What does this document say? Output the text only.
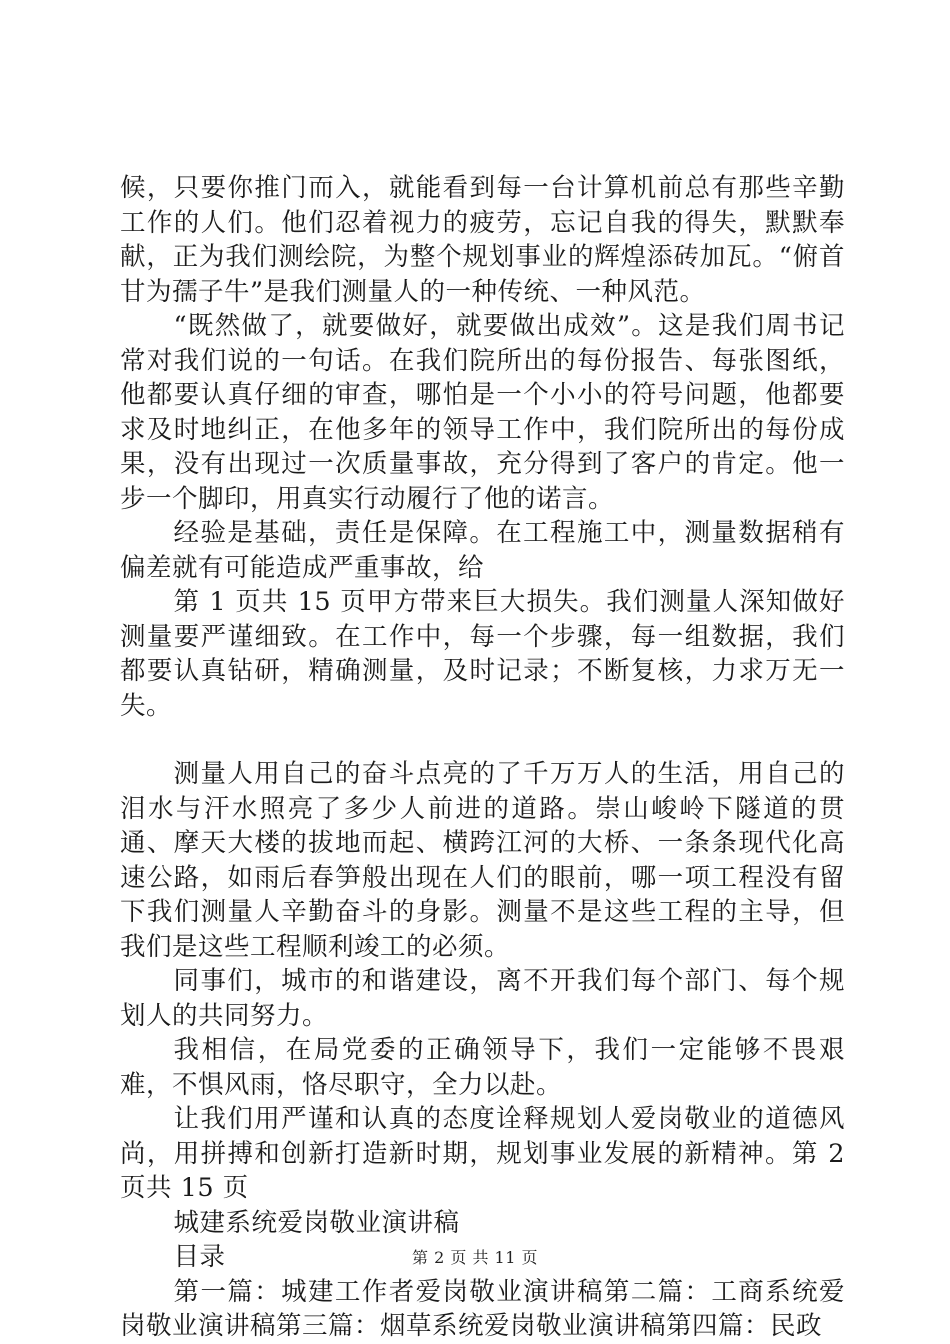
候，只要你推门而入，就能看到每一台计算机前总有那些辛勤工作的人们。他们忍着视力的疲劳，忘记自我的得失，默默奉献，正为我们测绘院，为整个规划事业的辉煌添砖加瓦。“俯首甘为孺子牛”是我们测量人的一种传统、一种风范。

“既然做了，就要做好，就要做出成效”。这是我们周书记常对我们说的一句话。在我们院所出的每份报告、每张图纸，他都要认真仔细的审查，哪怕是一个小小的符号问题，他都要求及时地纠正，在他多年的领导工作中，我们院所出的每份成果，没有出现过一次质量事故，充分得到了客户的肯定。他一步一个脚印，用真实行动履行了他的诺言。

经验是基础，责任是保障。在工程施工中，测量数据稍有偏差就有可能造成严重事故，给

第 1 页共 15 页甲方带来巨大损失。我们测量人深知做好测量要严谨细致。在工作中，每一个步骤，每一组数据，我们都要认真钻研，精确测量，及时记录；不断复核，力求万无一失。

测量人用自己的奋斗点亮的了千万万人的生活，用自己的泪水与汗水照亮了多少人前进的道路。崇山峻岭下隧道的贯通、摩天大楼的拔地而起、横跨江河的大桥、一条条现代化高速公路，如雨后春笋般出现在人们的眼前，哪一项工程没有留下我们测量人辛勤奋斗的身影。测量不是这些工程的主导，但我们是这些工程顺利竣工的必须。

同事们，城市的和谐建设，离不开我们每个部门、每个规划人的共同努力。

我相信，在局党委的正确领导下，我们一定能够不畏艰难，不惧风雨，恪尽职守，全力以赴。

让我们用严谨和认真的态度诠释规划人爱岗敬业的道德风尚，用拼搏和创新打造新时期，规划事业发展的新精神。第 2 页共 15 页

城建系统爱岗敬业演讲稿

目录

第一篇：城建工作者爱岗敬业演讲稿第二篇：工商系统爱岗敬业演讲稿第三篇：烟草系统爱岗敬业演讲稿第四篇：民政

第 2 页 共 11 页
